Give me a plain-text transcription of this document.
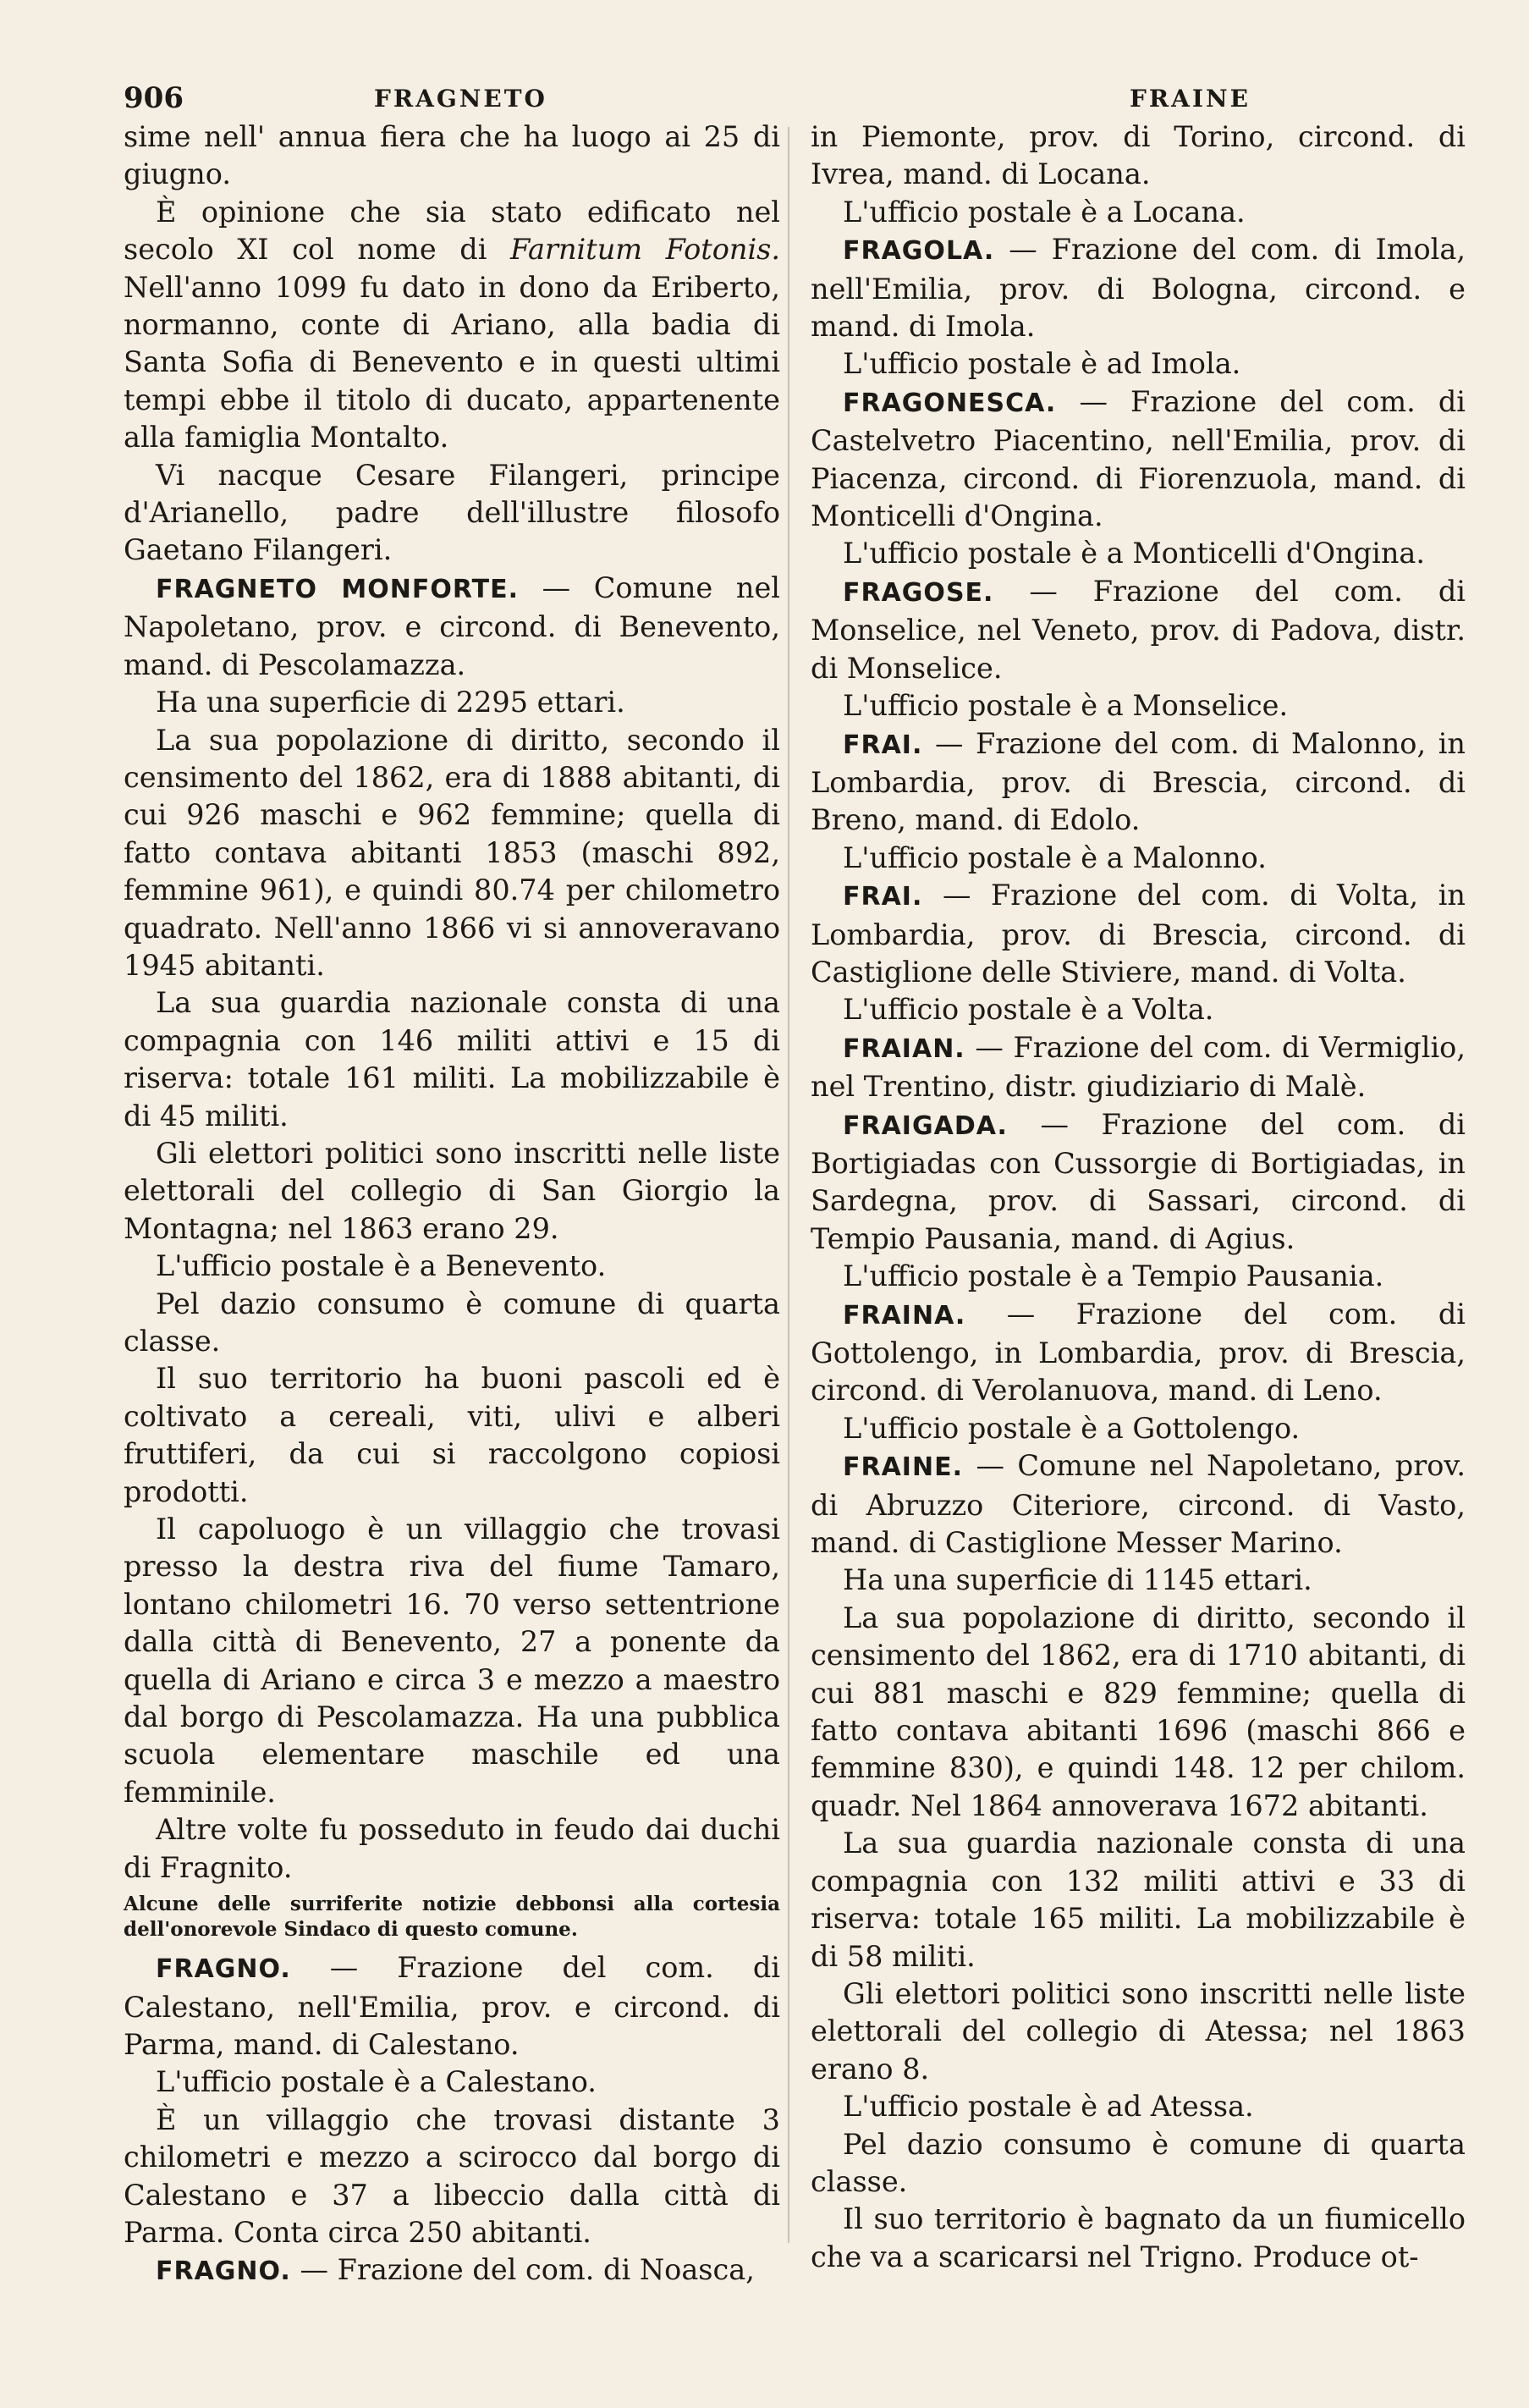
906	FRAGNETO	FRAINE

sime nell' annua fiera che ha luogo ai 25 di giugno.

È opinione che sia stato edificato nel secolo XI col nome di Farnitum Fotonis. Nell'anno 1099 fu dato in dono da Eriberto, normanno, conte di Ariano, alla badia di Santa Sofia di Benevento e in questi ultimi tempi ebbe il titolo di ducato, appartenente alla famiglia Montalto.

Vi nacque Cesare Filangeri, principe d'Arianello, padre dell'illustre filosofo Gaetano Filangeri.

FRAGNETO MONFORTE. — Comune nel Napoletano, prov. e circond. di Benevento, mand. di Pescolamazza.

Ha una superficie di 2295 ettari.

La sua popolazione di diritto, secondo il censimento del 1862, era di 1888 abitanti, di cui 926 maschi e 962 femmine; quella di fatto contava abitanti 1853 (maschi 892, femmine 961), e quindi 80.74 per chilometro quadrato. Nell'anno 1866 vi si annoveravano 1945 abitanti.

La sua guardia nazionale consta di una compagnia con 146 militi attivi e 15 di riserva: totale 161 militi. La mobilizzabile è di 45 militi.

Gli elettori politici sono inscritti nelle liste elettorali del collegio di San Giorgio la Montagna; nel 1863 erano 29.

L'ufficio postale è a Benevento.

Pel dazio consumo è comune di quarta classe.

Il suo territorio ha buoni pascoli ed è coltivato a cereali, viti, ulivi e alberi fruttiferi, da cui si raccolgono copiosi prodotti.

Il capoluogo è un villaggio che trovasi presso la destra riva del fiume Tamaro, lontano chilometri 16. 70 verso settentrione dalla città di Benevento, 27 a ponente da quella di Ariano e circa 3 e mezzo a maestro dal borgo di Pescolamazza. Ha una pubblica scuola elementare maschile ed una femminile.

Altre volte fu posseduto in feudo dai duchi di Fragnito.

Alcune delle surriferite notizie debbonsi alla cortesia dell'onorevole Sindaco di questo comune.

FRAGNO. — Frazione del com. di Calestano, nell'Emilia, prov. e circond. di Parma, mand. di Calestano.

L'ufficio postale è a Calestano.

È un villaggio che trovasi distante 3 chilometri e mezzo a scirocco dal borgo di Calestano e 37 a libeccio dalla città di Parma. Conta circa 250 abitanti.

FRAGNO. — Frazione del com. di Noasca,

in Piemonte, prov. di Torino, circond. di Ivrea, mand. di Locana.

L'ufficio postale è a Locana.

FRAGOLA. — Frazione del com. di Imola, nell'Emilia, prov. di Bologna, circond. e mand. di Imola.

L'ufficio postale è ad Imola.

FRAGONESCA. — Frazione del com. di Castelvetro Piacentino, nell'Emilia, prov. di Piacenza, circond. di Fiorenzuola, mand. di Monticelli d'Ongina.

L'ufficio postale è a Monticelli d'Ongina.

FRAGOSE. — Frazione del com. di Monselice, nel Veneto, prov. di Padova, distr. di Monselice.

L'ufficio postale è a Monselice.

FRAI. — Frazione del com. di Malonno, in Lombardia, prov. di Brescia, circond. di Breno, mand. di Edolo.

L'ufficio postale è a Malonno.

FRAI. — Frazione del com. di Volta, in Lombardia, prov. di Brescia, circond. di Castiglione delle Stiviere, mand. di Volta.

L'ufficio postale è a Volta.

FRAIAN. — Frazione del com. di Vermiglio, nel Trentino, distr. giudiziario di Malè.

FRAIGADA. — Frazione del com. di Bortigiadas con Cussorgie di Bortigiadas, in Sardegna, prov. di Sassari, circond. di Tempio Pausania, mand. di Agius.

L'ufficio postale è a Tempio Pausania.

FRAINA. — Frazione del com. di Gottolengo, in Lombardia, prov. di Brescia, circond. di Verolanuova, mand. di Leno.

L'ufficio postale è a Gottolengo.

FRAINE. — Comune nel Napoletano, prov. di Abruzzo Citeriore, circond. di Vasto, mand. di Castiglione Messer Marino.

Ha una superficie di 1145 ettari.

La sua popolazione di diritto, secondo il censimento del 1862, era di 1710 abitanti, di cui 881 maschi e 829 femmine; quella di fatto contava abitanti 1696 (maschi 866 e femmine 830), e quindi 148. 12 per chilom. quadr. Nel 1864 annoverava 1672 abitanti.

La sua guardia nazionale consta di una compagnia con 132 militi attivi e 33 di riserva: totale 165 militi. La mobilizzabile è di 58 militi.

Gli elettori politici sono inscritti nelle liste elettorali del collegio di Atessa; nel 1863 erano 8.

L'ufficio postale è ad Atessa.

Pel dazio consumo è comune di quarta classe.

Il suo territorio è bagnato da un fiumicello che va a scaricarsi nel Trigno. Produce ot-
